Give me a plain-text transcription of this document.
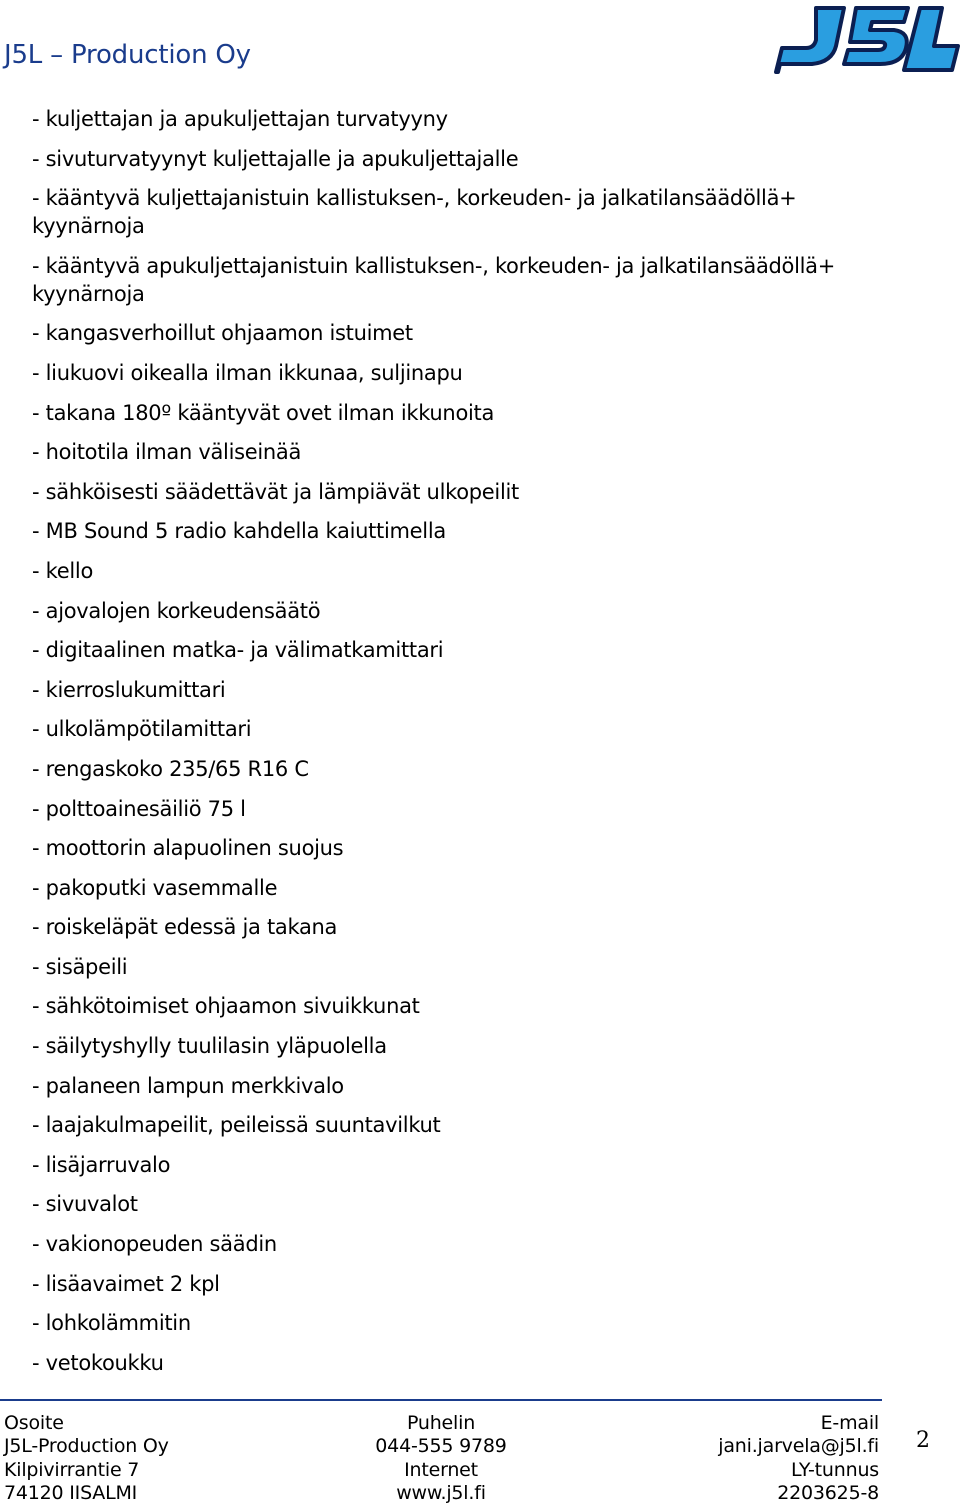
J5L – Production Oy
- kuljettajan ja apukuljettajan turvatyyny
- sivuturvatyynyt kuljettajalle ja apukuljettajalle
- kääntyvä kuljettajanistuin kallistuksen-, korkeuden- ja jalkatilansäädöllä+
kyynärnoja
- kääntyvä apukuljettajanistuin kallistuksen-, korkeuden- ja jalkatilansäädöllä+
kyynärnoja
- kangasverhoillut ohjaamon istuimet
- liukuovi oikealla ilman ikkunaa, suljinapu
- takana 180º kääntyvät ovet ilman ikkunoita
- hoitotila ilman väliseinää
- sähköisesti säädettävät ja lämpiävät ulkopeilit
- MB Sound 5 radio kahdella kaiuttimella
- kello
- ajovalojen korkeudensäätö
- digitaalinen matka- ja välimatkamittari
- kierroslukumittari
- ulkolämpötilamittari
- rengaskoko 235/65 R16 C
- polttoainesäiliö 75 l
- moottorin alapuolinen suojus
- pakoputki vasemmalle
- roiskeläpät edessä ja takana
- sisäpeili
- sähkötoimiset ohjaamon sivuikkunat
- säilytyshylly tuulilasin yläpuolella
- palaneen lampun merkkivalo
- laajakulmapeilit, peileissä suuntavilkut
- lisäjarruvalo
- sivuvalot
- vakionopeuden säädin
- lisäavaimet 2 kpl
- lohkolämmitin
- vetokoukku
Osoite
J5L-Production Oy
Kilpivirrantie 7
74120 IISALMI
Puhelin
044-555 9789
Internet
www.j5l.fi
E-mail
jani.jarvela@j5l.fi
LY-tunnus
2203625-8
2
